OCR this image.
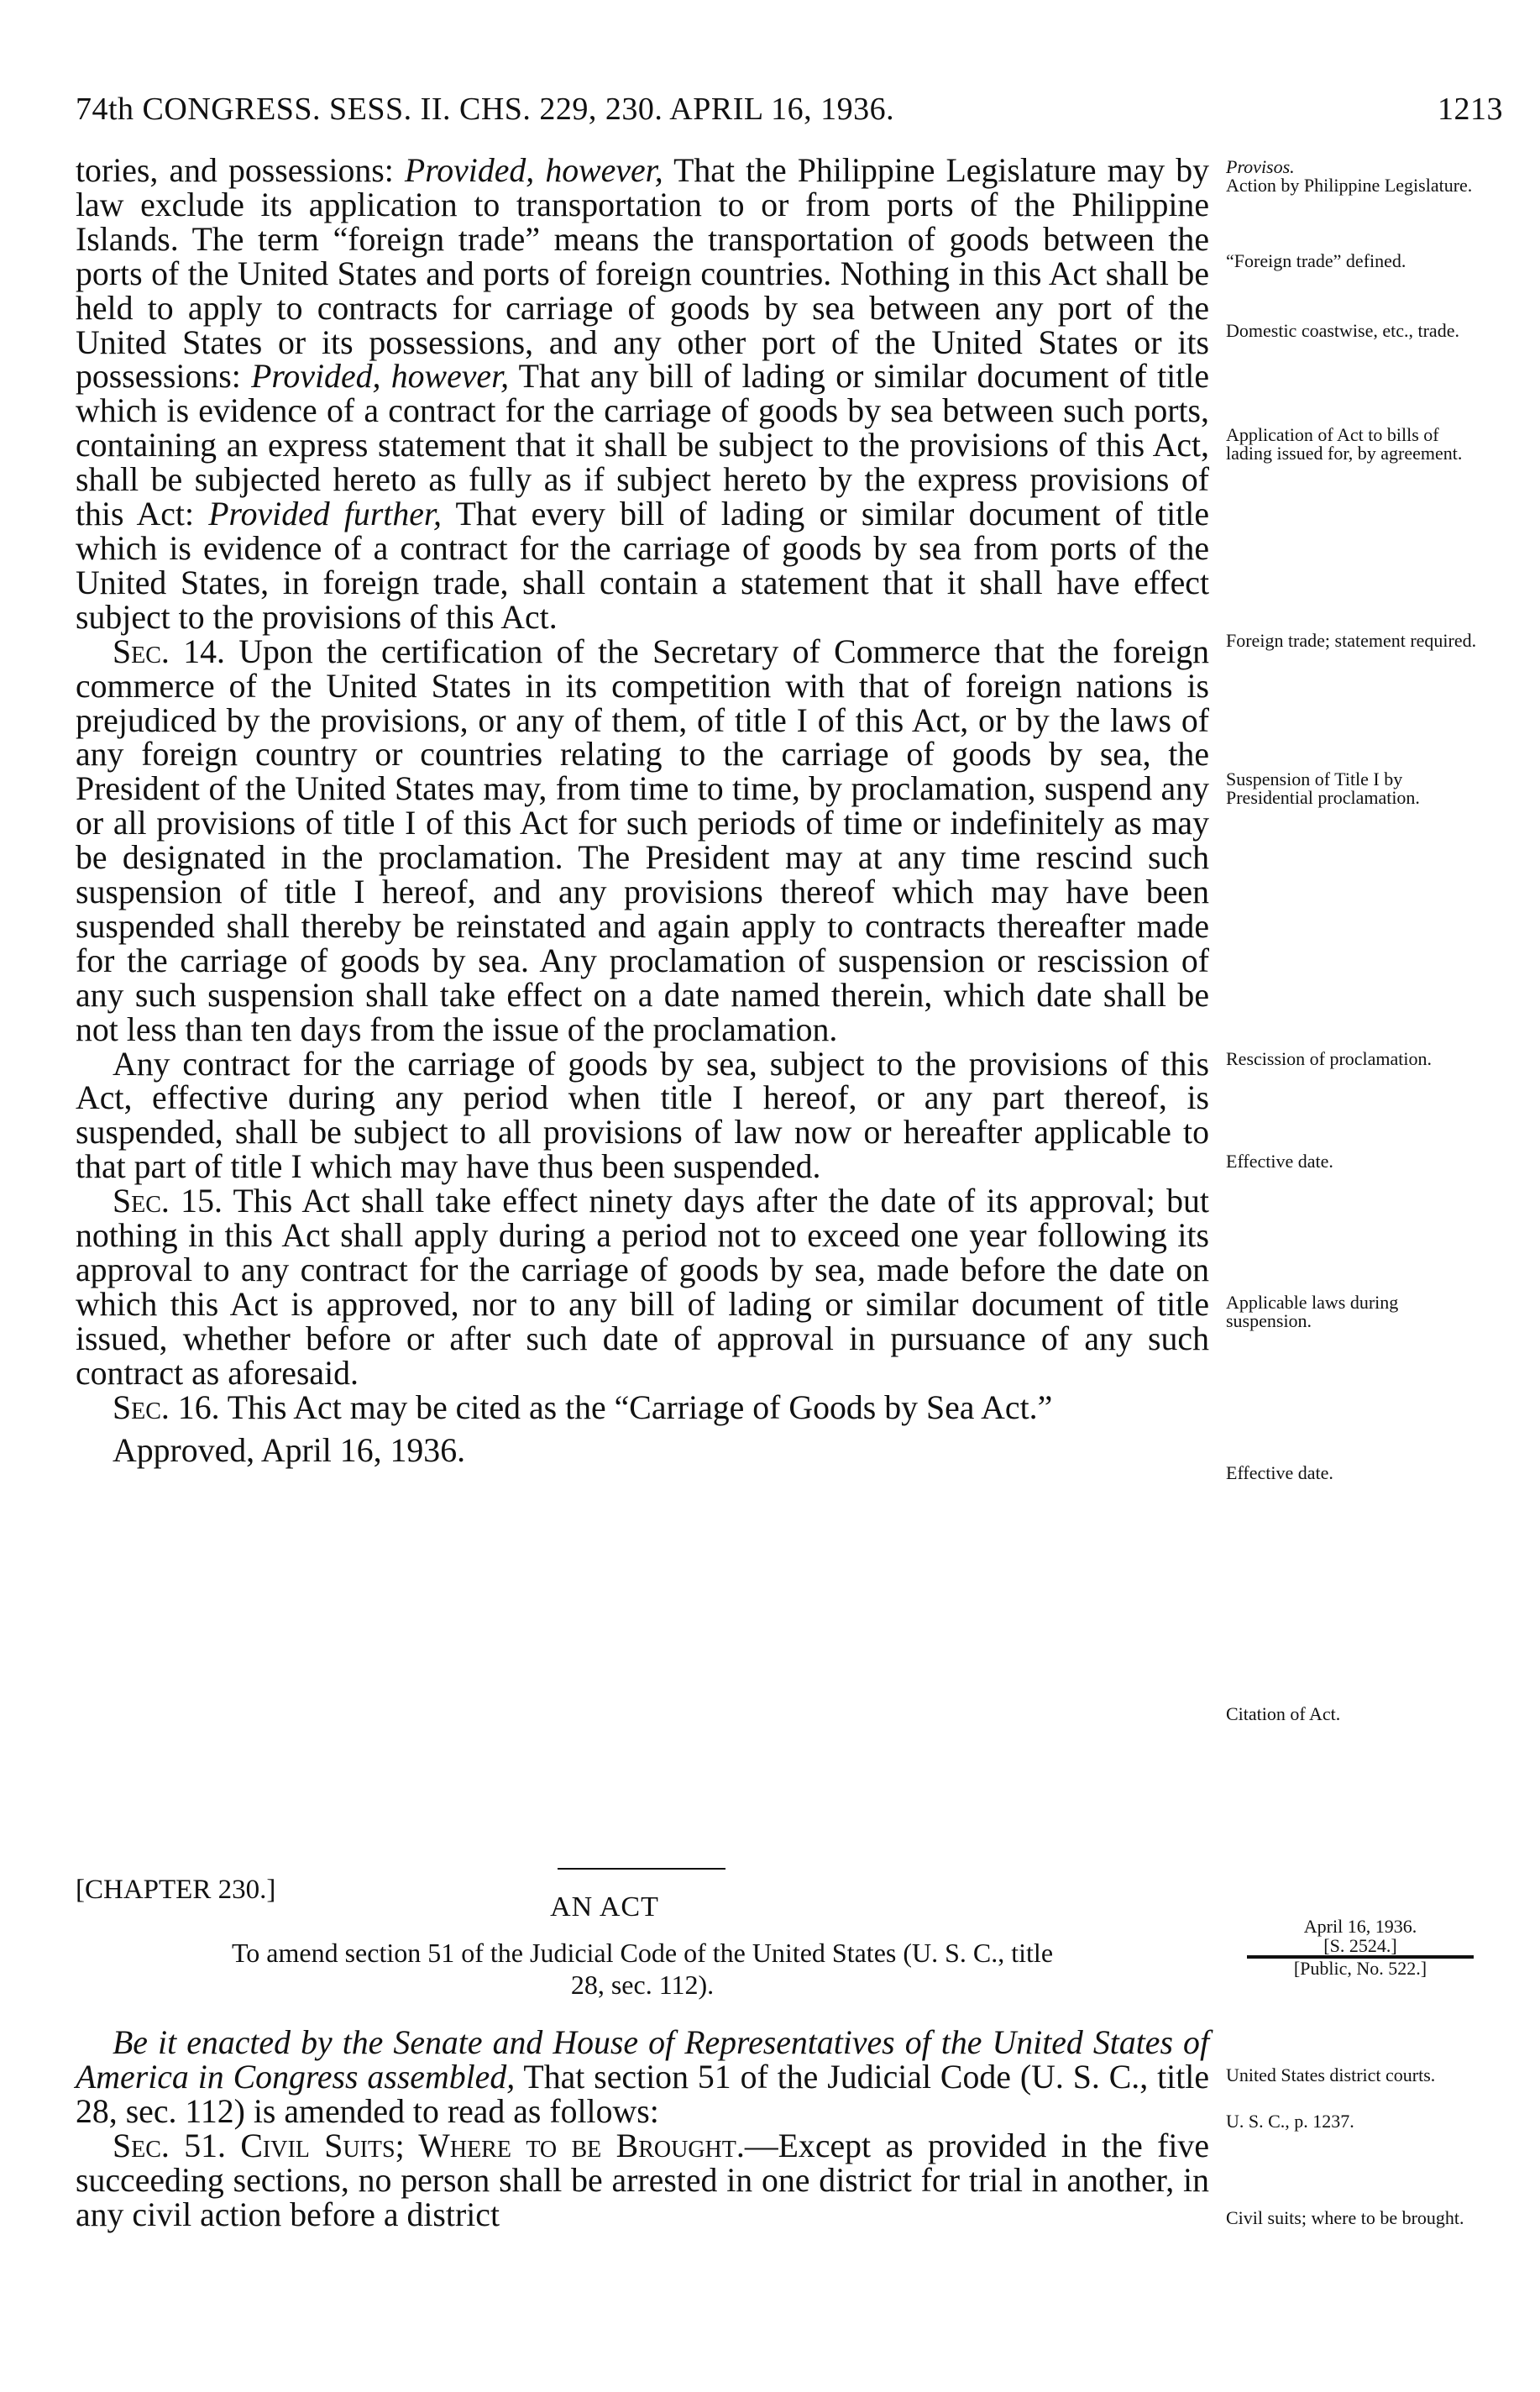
74th CONGRESS. SESS. II. CHS. 229, 230. APRIL 16, 1936.	1213

tories, and possessions: Provided, however, That the Philippine Legislature may by law exclude its application to transportation to or from ports of the Philippine Islands. The term “foreign trade” means the transportation of goods between the ports of the United States and ports of foreign countries. Nothing in this Act shall be held to apply to contracts for carriage of goods by sea between any port of the United States or its possessions, and any other port of the United States or its possessions: Provided, however, That any bill of lading or similar document of title which is evidence of a contract for the carriage of goods by sea between such ports, containing an express statement that it shall be subject to the provisions of this Act, shall be subjected hereto as fully as if subject hereto by the express provisions of this Act: Provided further, That every bill of lading or similar document of title which is evidence of a contract for the carriage of goods by sea from ports of the United States, in foreign trade, shall contain a statement that it shall have effect subject to the provisions of this Act.

Sec. 14. Upon the certification of the Secretary of Commerce that the foreign commerce of the United States in its competition with that of foreign nations is prejudiced by the provisions, or any of them, of title I of this Act, or by the laws of any foreign country or countries relating to the carriage of goods by sea, the President of the United States may, from time to time, by proclamation, suspend any or all provisions of title I of this Act for such periods of time or indefinitely as may be designated in the proclamation. The President may at any time rescind such suspension of title I hereof, and any provisions thereof which may have been suspended shall thereby be reinstated and again apply to contracts thereafter made for the carriage of goods by sea. Any proclamation of suspension or rescission of any such suspension shall take effect on a date named therein, which date shall be not less than ten days from the issue of the proclamation.

Any contract for the carriage of goods by sea, subject to the provisions of this Act, effective during any period when title I hereof, or any part thereof, is suspended, shall be subject to all provisions of law now or hereafter applicable to that part of title I which may have thus been suspended.

Sec. 15. This Act shall take effect ninety days after the date of its approval; but nothing in this Act shall apply during a period not to exceed one year following its approval to any contract for the carriage of goods by sea, made before the date on which this Act is approved, nor to any bill of lading or similar document of title issued, whether before or after such date of approval in pursuance of any such contract as aforesaid.

Sec. 16. This Act may be cited as the “Carriage of Goods by Sea Act.”

Approved, April 16, 1936.

Provisos.
Action by Philippine Legislature.
“Foreign trade” defined.
Domestic coastwise, etc., trade.
Application of Act to bills of lading issued for, by agreement.
Foreign trade; statement required.
Suspension of Title I by Presidential proclamation.
Rescission of proclamation.
Effective date.
Applicable laws during suspension.
Effective date.
Citation of Act.
[CHAPTER 230.]
AN ACT
To amend section 51 of the Judicial Code of the United States (U. S. C., title
28, sec. 112).
April 16, 1936.
[S. 2524.]
[Public, No. 522.]

Be it enacted by the Senate and House of Representatives of the United States of America in Congress assembled, That section 51 of the Judicial Code (U. S. C., title 28, sec. 112) is amended to read as follows:

Sec. 51. Civil Suits; Where to be Brought.—Except as provided in the five succeeding sections, no person shall be arrested in one district for trial in another, in any civil action before a district

United States district courts.
U. S. C., p. 1237.
Civil suits; where to be brought.
